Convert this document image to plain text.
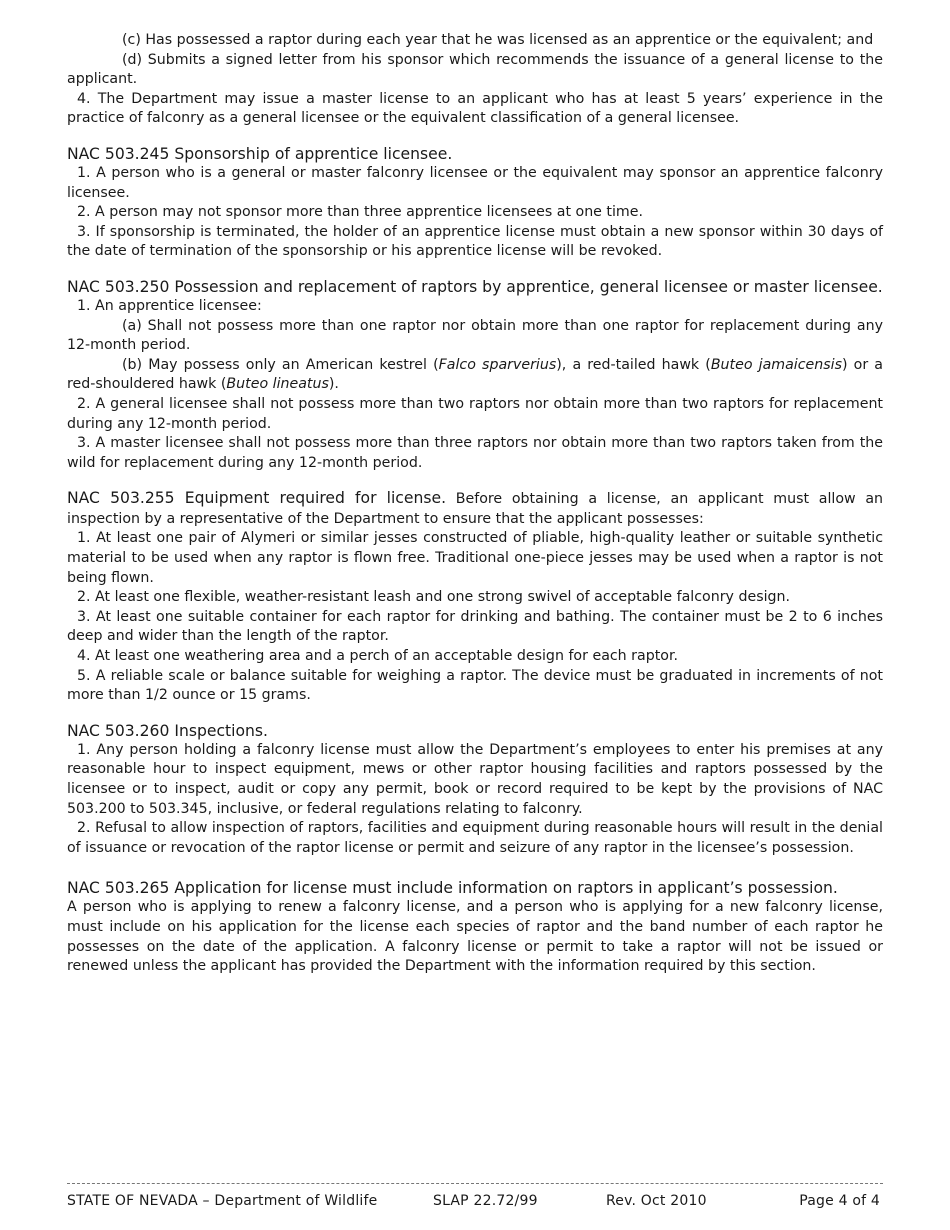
(c) Has possessed a raptor during each year that he was licensed as an apprentice or the equivalent; and

(d) Submits a signed letter from his sponsor which recommends the issuance of a general license to the applicant.

4. The Department may issue a master license to an applicant who has at least 5 years’ experience in the practice of falconry as a general licensee or the equivalent classification of a general licensee.

NAC 503.245 Sponsorship of apprentice licensee.

1. A person who is a general or master falconry licensee or the equivalent may sponsor an apprentice falconry licensee.

2. A person may not sponsor more than three apprentice licensees at one time.

3. If sponsorship is terminated, the holder of an apprentice license must obtain a new sponsor within 30 days of the date of termination of the sponsorship or his apprentice license will be revoked.

NAC 503.250 Possession and replacement of raptors by apprentice, general licensee or master licensee.

1. An apprentice licensee:

(a) Shall not possess more than one raptor nor obtain more than one raptor for replacement during any 12-month period.

(b) May possess only an American kestrel (Falco sparverius), a red-tailed hawk (Buteo jamaicensis) or a red-shouldered hawk (Buteo lineatus).

2. A general licensee shall not possess more than two raptors nor obtain more than two raptors for replacement during any 12-month period.

3. A master licensee shall not possess more than three raptors nor obtain more than two raptors taken from the wild for replacement during any 12-month period.

NAC 503.255 Equipment required for license. Before obtaining a license, an applicant must allow an inspection by a representative of the Department to ensure that the applicant possesses:

1. At least one pair of Alymeri or similar jesses constructed of pliable, high-quality leather or suitable synthetic material to be used when any raptor is flown free. Traditional one-piece jesses may be used when a raptor is not being flown.

2. At least one flexible, weather-resistant leash and one strong swivel of acceptable falconry design.

3. At least one suitable container for each raptor for drinking and bathing. The container must be 2 to 6 inches deep and wider than the length of the raptor.

4. At least one weathering area and a perch of an acceptable design for each raptor.

5. A reliable scale or balance suitable for weighing a raptor. The device must be graduated in increments of not more than 1/2 ounce or 15 grams.

NAC 503.260 Inspections.

1. Any person holding a falconry license must allow the Department’s employees to enter his premises at any reasonable hour to inspect equipment, mews or other raptor housing facilities and raptors possessed by the licensee or to inspect, audit or copy any permit, book or record required to be kept by the provisions of NAC 503.200 to 503.345, inclusive, or federal regulations relating to falconry.

2. Refusal to allow inspection of raptors, facilities and equipment during reasonable hours will result in the denial of issuance or revocation of the raptor license or permit and seizure of any raptor in the licensee’s possession.

NAC 503.265 Application for license must include information on raptors in applicant’s possession.

A person who is applying to renew a falconry license, and a person who is applying for a new falconry license, must include on his application for the license each species of raptor and the band number of each raptor he possesses on the date of the application. A falconry license or permit to take a raptor will not be issued or renewed unless the applicant has provided the Department with the information required by this section.

STATE OF NEVADA – Department of Wildlife	SLAP 22.72/99	Rev. Oct 2010	Page 4 of 4
